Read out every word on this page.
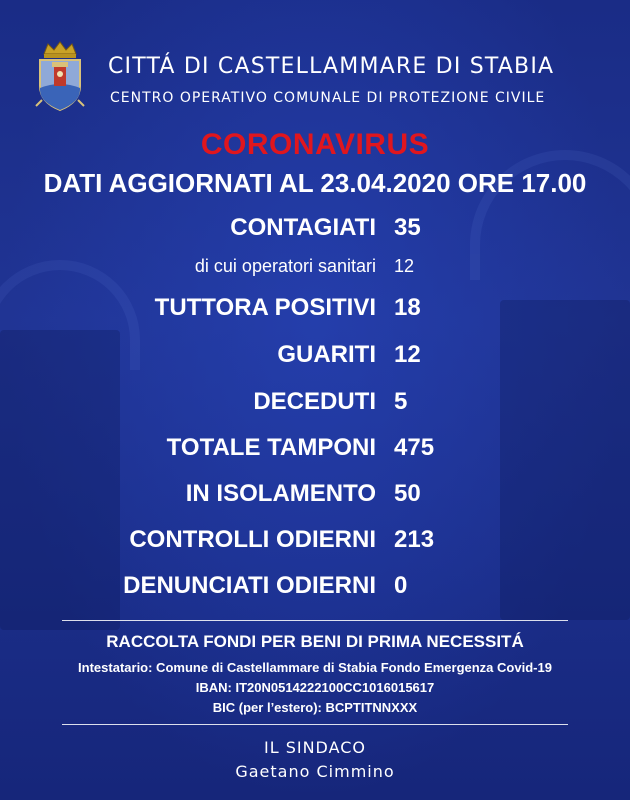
CITTÁ DI CASTELLAMMARE DI STABIA
CENTRO OPERATIVO COMUNALE DI PROTEZIONE CIVILE
CORONAVIRUS
DATI AGGIORNATI AL 23.04.2020 ORE 17.00
CONTAGIATI 35
di cui operatori sanitari 12
TUTTORA POSITIVI 18
GUARITI 12
DECEDUTI 5
TOTALE TAMPONI 475
IN ISOLAMENTO 50
CONTROLLI ODIERNI 213
DENUNCIATI ODIERNI 0
RACCOLTA FONDI PER BENI DI PRIMA NECESSITÁ
Intestatario: Comune di Castellammare di Stabia Fondo Emergenza Covid-19
IBAN: IT20N0514222100CC1016015617
BIC (per l’estero): BCPTITNNXXX
IL SINDACO
Gaetano Cimmino
